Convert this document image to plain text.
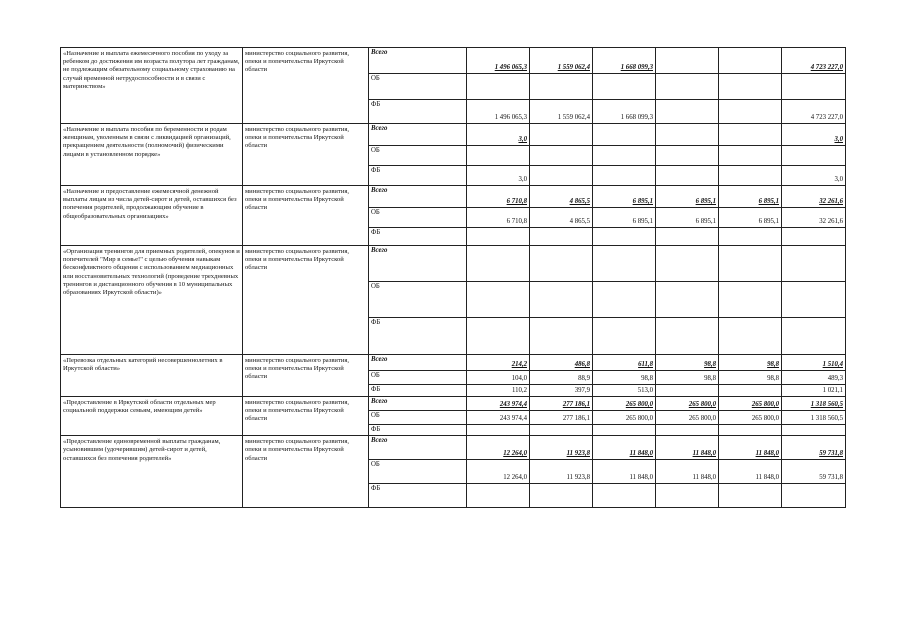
«Назначение и выплата ежемесячного пособия по уходу за ребенком до достижения им возраста полутора лет гражданам, не подлежащим обязательному социальному страхованию на случай временной нетрудоспособности и в связи с материнством»	министерство социального развития, опеки и попечительства Иркутской области	Всего	1 496 065,3	1 559 062,4	1 668 099,3			4 723 227,0
		ОБ						
		ФБ	1 496 065,3	1 559 062,4	1 668 099,3			4 723 227,0
«Назначение и выплата пособия по беременности и родам женщинам, уволенным в связи с ликвидацией организаций, прекращением деятельности (полномочий) физическими лицами в установленном порядке»	министерство социального развития, опеки и попечительства Иркутской области	Всего	3,0					3,0
		ОБ						
		ФБ	3,0					3,0
«Назначение и предоставление ежемесячной денежной выплаты лицам из числа детей-сирот и детей, оставшихся без попечения родителей, продолжающим обучение в общеобразовательных организациях»	министерство социального развития, опеки и попечительства Иркутской области	Всего	6 710,8	4 865,5	6 895,1	6 895,1	6 895,1	32 261,6
		ОБ	6 710,8	4 865,5	6 895,1	6 895,1	6 895,1	32 261,6
		ФБ						
«Организация тренингов для приемных родителей, опекунов и попечителей "Мир в семье!" с целью обучения навыкам бесконфликтного общения с использованием медиационных или восстановительных технологий (проведение трехдневных тренингов и дистанционного обучения в 10 муниципальных образованиях Иркутской области)»	министерство социального развития, опеки и попечительства Иркутской области	Всего						
		ОБ						
		ФБ						
«Перевозка отдельных категорий несовершеннолетних в Иркутской области»	министерство социального развития, опеки и попечительства Иркутской области	Всего	214,2	486,8	611,8	98,8	98,8	1 510,4
		ОБ	104,0	88,9	98,8	98,8	98,8	489,3
		ФБ	110,2	397,9	513,0			1 021,1
«Предоставление в Иркутской области отдельных мер социальной поддержки семьям, имеющим детей»	министерство социального развития, опеки и попечительства Иркутской области	Всего	243 974,4	277 186,1	265 800,0	265 800,0	265 800,0	1 318 560,5
		ОБ	243 974,4	277 186,1	265 800,0	265 800,0	265 800,0	1 318 560,5
		ФБ						
«Предоставление единовременной выплаты гражданам, усыновившим (удочерившим) детей-сирот и детей, оставшихся без попечения родителей»	министерство социального развития, опеки и попечительства Иркутской области	Всего	12 264,0	11 923,8	11 848,0	11 848,0	11 848,0	59 731,8
		ОБ	12 264,0	11 923,8	11 848,0	11 848,0	11 848,0	59 731,8
		ФБ						
